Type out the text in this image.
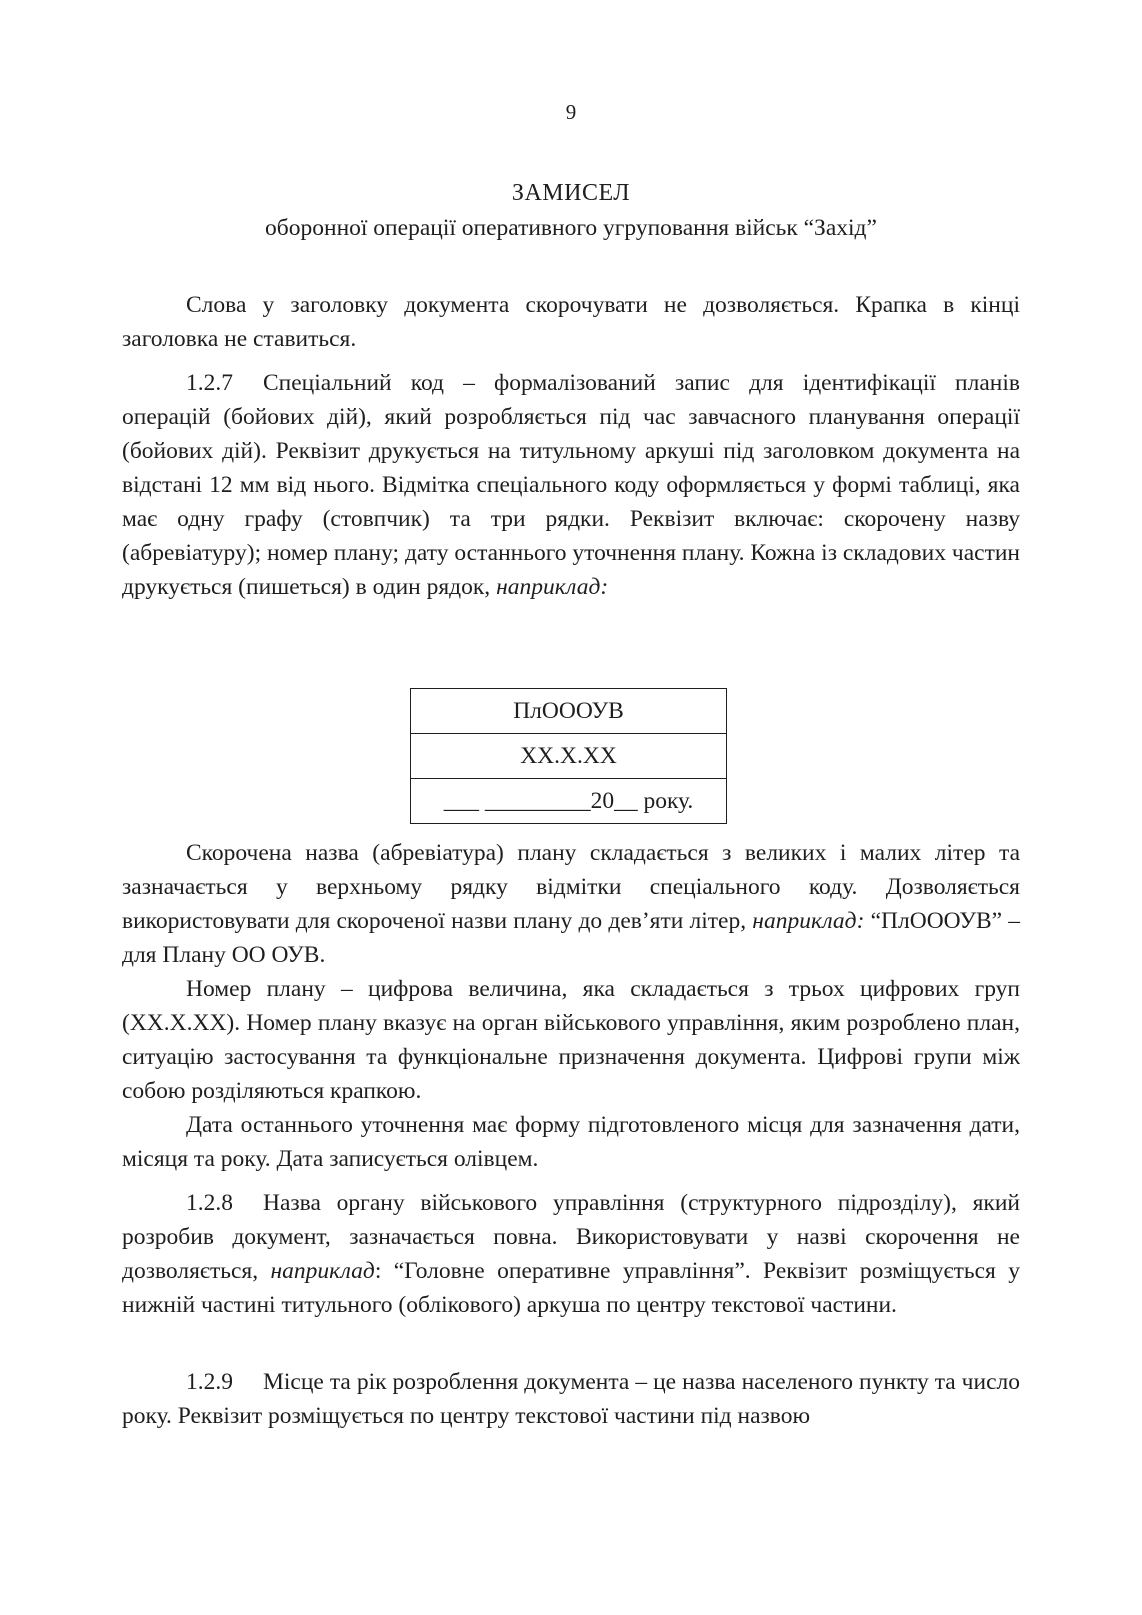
9
ЗАМИСЕЛ
оборонної операції оперативного угруповання військ “Захід”

Слова у заголовку документа скорочувати не дозволяється. Крапка в кінці заголовка не ставиться.

1.2.7 Спеціальний код – формалізований запис для ідентифікації планів операцій (бойових дій), який розробляється під час завчасного планування операції (бойових дій). Реквізит друкується на титульному аркуші під заголовком документа на відстані 12 мм від нього. Відмітка спеціального коду оформляється у формі таблиці, яка має одну графу (стовпчик) та три рядки. Реквізит включає: скорочену назву (абревіатуру); номер плану; дату останнього уточнення плану. Кожна із складових частин друкується (пишеться) в один рядок, наприклад:

ПлОООУВ
ХХ.Х.ХХ
___ _________20__ року.

Скорочена назва (абревіатура) плану складається з великих і малих літер та зазначається у верхньому рядку відмітки спеціального коду. Дозволяється використовувати для скороченої назви плану до дев’яти літер, наприклад: “ПлОООУВ” – для Плану ОО ОУВ.

Номер плану – цифрова величина, яка складається з трьох цифрових груп (ХХ.Х.ХХ). Номер плану вказує на орган військового управління, яким розроблено план, ситуацію застосування та функціональне призначення документа. Цифрові групи між собою розділяються крапкою.

Дата останнього уточнення має форму підготовленого місця для зазначення дати, місяця та року. Дата записується олівцем.

1.2.8 Назва органу військового управління (структурного підрозділу), який розробив документ, зазначається повна. Використовувати у назві скорочення не дозволяється, наприклад: “Головне оперативне управління”. Реквізит розміщується у нижній частині титульного (облікового) аркуша по центру текстової частини.

1.2.9 Місце та рік розроблення документа – це назва населеного пункту та число року. Реквізит розміщується по центру текстової частини під назвою
